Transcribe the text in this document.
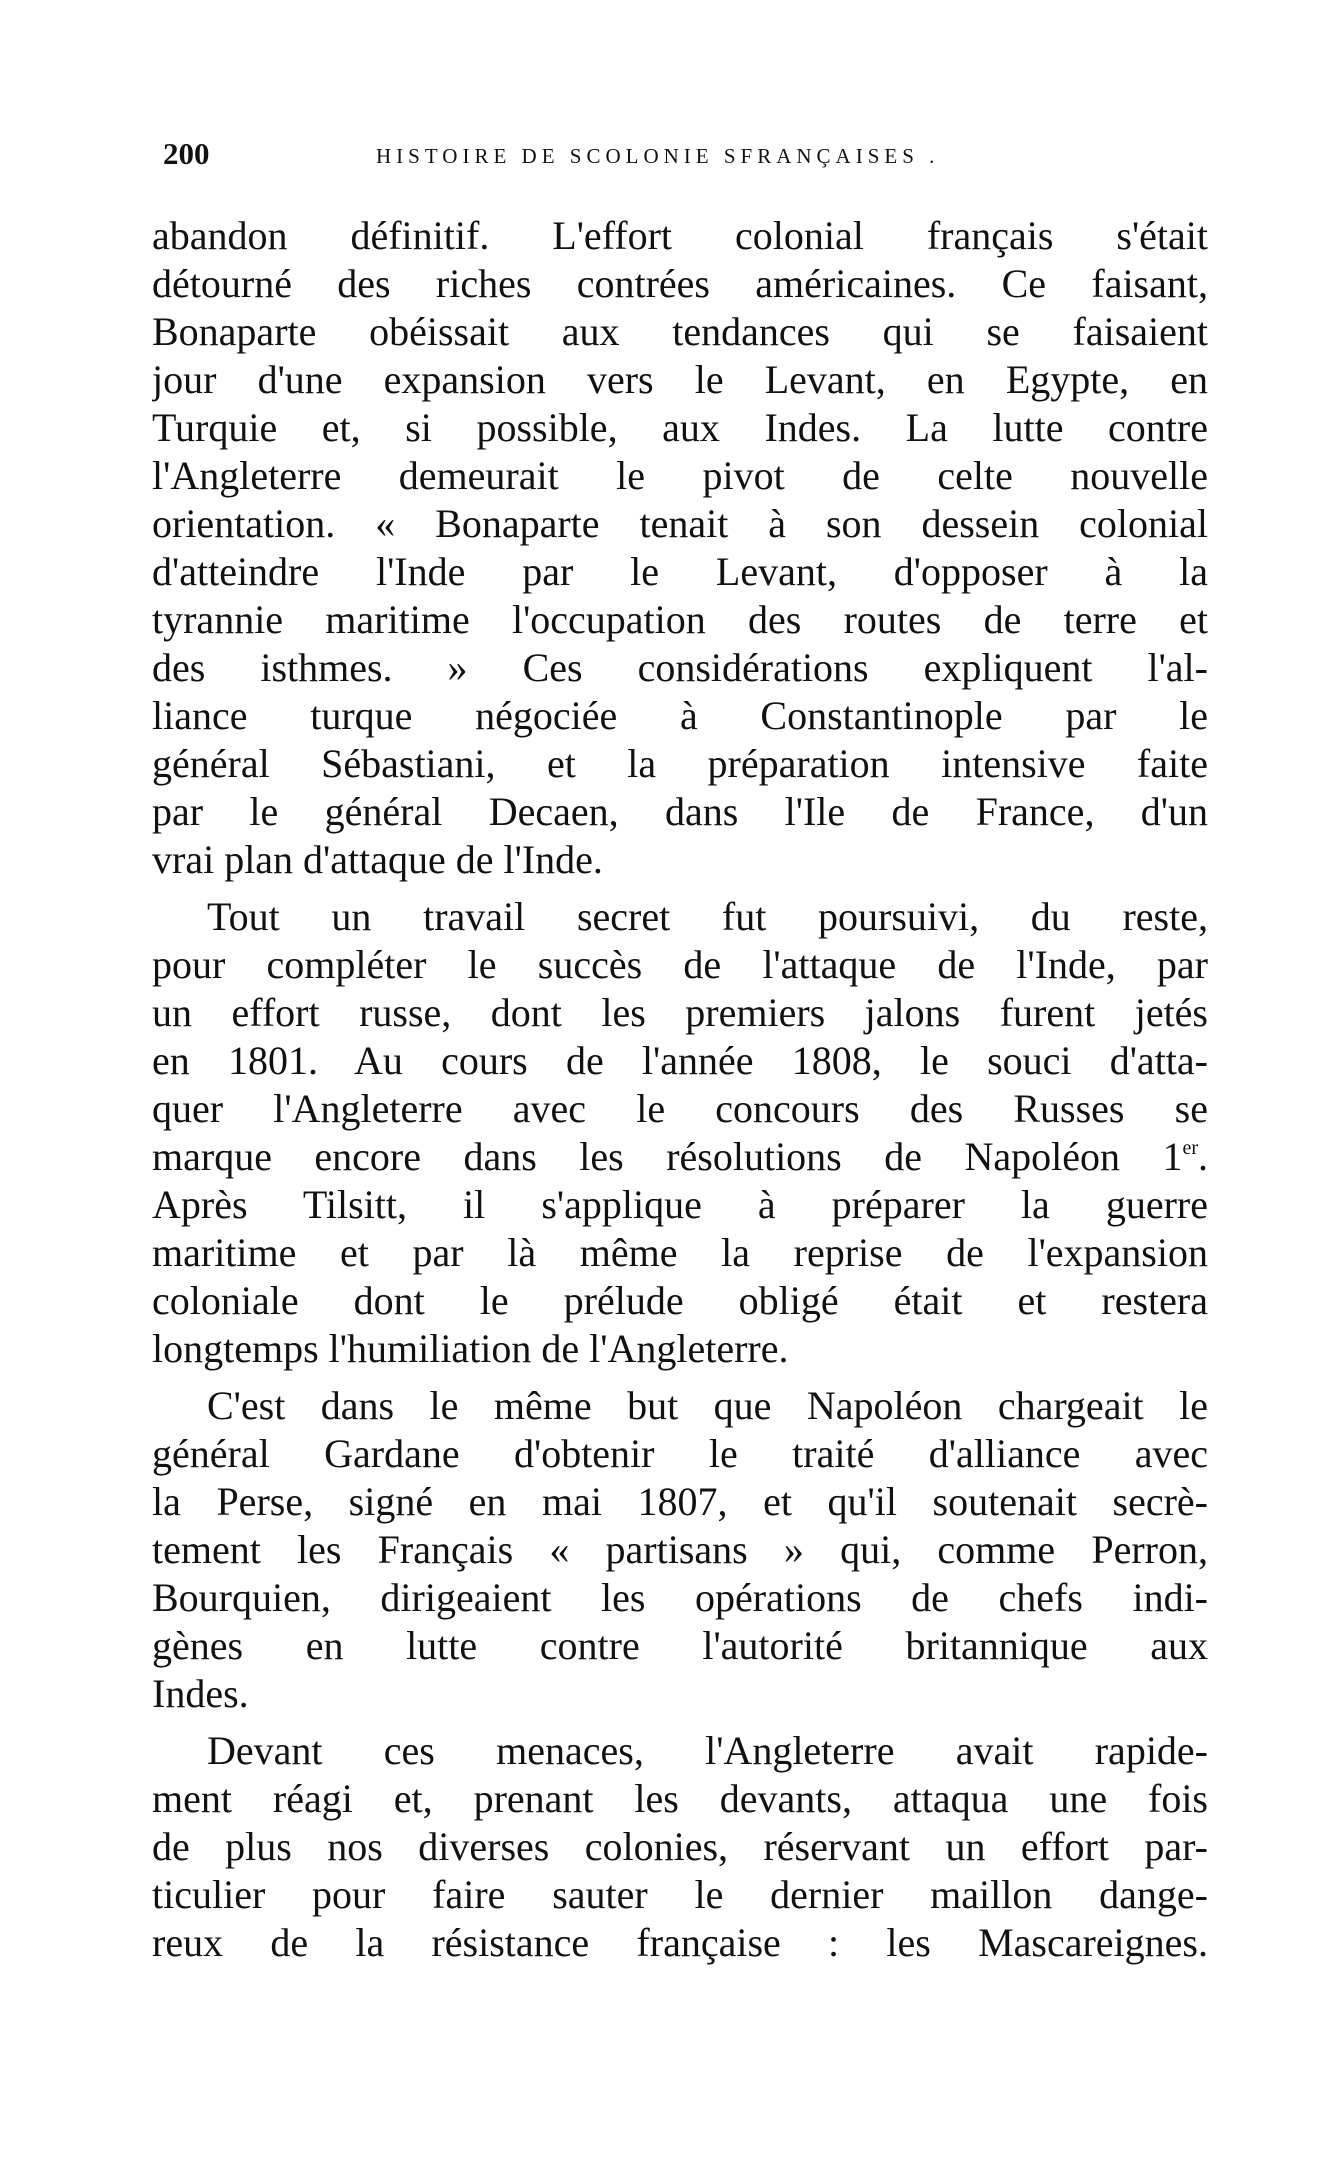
200	HISTOIRE DE SCOLONIE SFRANÇAISES .
abandon définitif. L'effort colonial français s'était
détourné des riches contrées américaines. Ce faisant,
Bonaparte obéissait aux tendances qui se faisaient
jour d'une expansion vers le Levant, en Egypte, en
Turquie et, si possible, aux Indes. La lutte contre
l'Angleterre demeurait le pivot de celte nouvelle
orientation. « Bonaparte tenait à son dessein colonial
d'atteindre l'Inde par le Levant, d'opposer à la
tyrannie maritime l'occupation des routes de terre et
des isthmes. » Ces considérations expliquent l'al-
liance turque négociée à Constantinople par le
général Sébastiani, et la préparation intensive faite
par le général Decaen, dans l'Ile de France, d'un
vrai plan d'attaque de l'Inde.
Tout un travail secret fut poursuivi, du reste,
pour compléter le succès de l'attaque de l'Inde, par
un effort russe, dont les premiers jalons furent jetés
en 1801. Au cours de l'année 1808, le souci d'atta-
quer l'Angleterre avec le concours des Russes se
marque encore dans les résolutions de Napoléon 1er.
Après Tilsitt, il s'applique à préparer la guerre
maritime et par là même la reprise de l'expansion
coloniale dont le prélude obligé était et restera
longtemps l'humiliation de l'Angleterre.
C'est dans le même but que Napoléon chargeait le
général Gardane d'obtenir le traité d'alliance avec
la Perse, signé en mai 1807, et qu'il soutenait secrè-
tement les Français « partisans » qui, comme Perron,
Bourquien, dirigeaient les opérations de chefs indi-
gènes en lutte contre l'autorité britannique aux
Indes.
Devant ces menaces, l'Angleterre avait rapide-
ment réagi et, prenant les devants, attaqua une fois
de plus nos diverses colonies, réservant un effort par-
ticulier pour faire sauter le dernier maillon dange-
reux de la résistance française : les Mascareignes.
